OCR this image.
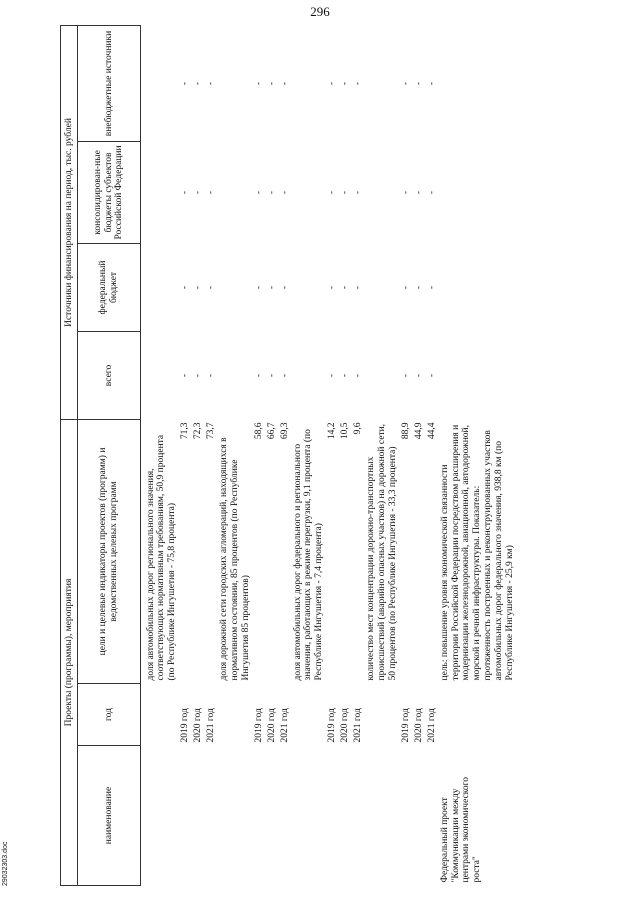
296
Проекты (программы), мероприятия			Источники финансирования на период, тыс. рублей			
наименование	год	цели и целевые индикаторы проектов (программ) и ведомственных целевых программ	всего	федеральный бюджет	консолидирован-ные бюджеты субъектов Российской Федерации	внебюджетные источники

		доля автомобильных дорог регионального значения, соответствующих нормативным требованиям, 50,9 процента (по Республике Ингушетия - 75,8 процента)				
	2019 год	71,3	-	-	-	-
	2020 год	72,3	-	-	-	-
	2021 год	73,7	-	-	-	-
		доля дорожной сети городских агломераций, находящихся в нормативном состоянии, 85 процентов (по Республике Ингушетия 85 процентов)				
	2019 год	58,6	-	-	-	-
	2020 год	66,7	-	-	-	-
	2021 год	69,3	-	-	-	-
		доля автомобильных дорог федерального и регионального значения, работающих в режиме перегрузки, 9,1 процента (по Республике Ингушетия - 7,4 процента)				
	2019 год	14,2	-	-	-	-
	2020 год	10,5	-	-	-	-
	2021 год	9,6	-	-	-	-
		количество мест концентрации дорожно-транспортных происшествий (аварийно опасных участков) на дорожной сети, 50 процентов (по Республике Ингушетия - 33,3 процента)				
	2019 год	88,9	-	-	-	-
	2020 год	44,9	-	-	-	-
	2021 год	44,4	-	-	-	-
Федеральный проект "Коммуникации между центрами экономического роста"		цель: повышение уровня экономической связанности территории Российской Федерации посредством расширения и модернизации железнодорожной, авиационной, автодорожной, морской и речной инфраструктуры. Показатель: протяженность построенных и реконструированных участков автомобильных дорог федерального значения, 938,8 км (по Республике Ингушетия - 25,9 км)				
29032303.doc
